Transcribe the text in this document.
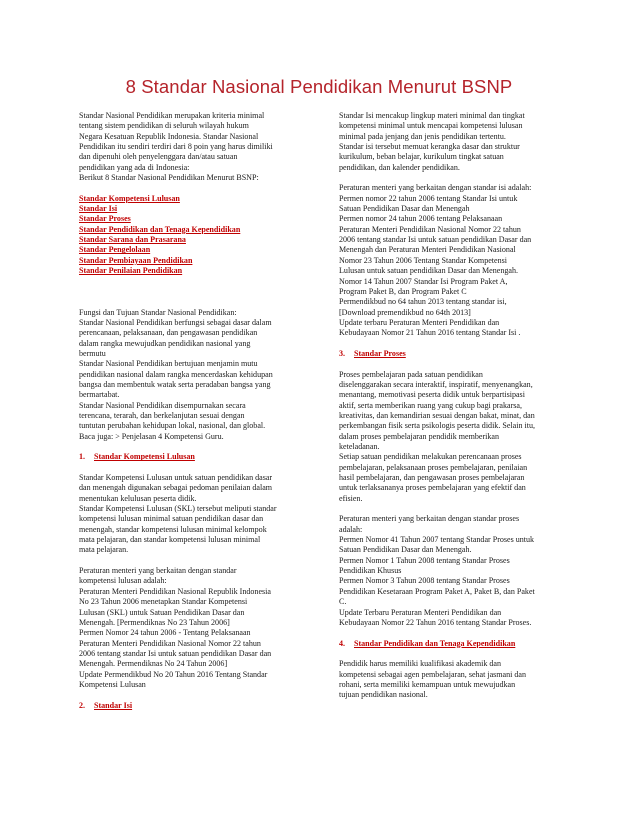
8 Standar Nasional Pendidikan Menurut BSNP
Standar Nasional Pendidikan merupakan kriteria minimal
tentang sistem pendidikan di seluruh wilayah hukum
Negara Kesatuan Republik Indonesia. Standar Nasional
Pendidikan itu sendiri terdiri dari 8 poin yang harus dimiliki
dan dipenuhi oleh penyelenggara dan/atau satuan
pendidikan yang ada di Indonesia:
Berikut 8 Standar Nasional Pendidikan Menurut BSNP:
Standar Kompetensi Lulusan
Standar Isi
Standar Proses
Standar Pendidikan dan Tenaga Kependidikan
Standar Sarana dan Prasarana
Standar Pengelolaan
Standar Pembiayaan Pendidikan
Standar Penilaian Pendidikan
Fungsi dan Tujuan Standar Nasional Pendidikan:
Standar Nasional Pendidikan berfungsi sebagai dasar dalam
perencanaan, pelaksanaan, dan pengawasan pendidikan
dalam rangka mewujudkan pendidikan nasional yang
bermutu
Standar Nasional Pendidikan bertujuan menjamin mutu
pendidikan nasional dalam rangka mencerdaskan kehidupan
bangsa dan membentuk watak serta peradaban bangsa yang
bermartabat.
Standar Nasional Pendidikan disempurnakan secara
terencana, terarah, dan berkelanjutan sesuai dengan
tuntutan perubahan kehidupan lokal, nasional, dan global.
Baca juga: > Penjelasan 4 Kompetensi Guru.
1. Standar Kompetensi Lulusan
Standar Kompetensi Lulusan untuk satuan pendidikan dasar
dan menengah digunakan sebagai pedoman penilaian dalam
menentukan kelulusan peserta didik.
Standar Kompetensi Lulusan (SKL) tersebut meliputi standar
kompetensi lulusan minimal satuan pendidikan dasar dan
menengah, standar kompetensi lulusan minimal kelompok
mata pelajaran, dan standar kompetensi lulusan minimal
mata pelajaran.
Peraturan menteri yang berkaitan dengan standar
kompetensi lulusan adalah:
Peraturan Menteri Pendidikan Nasional Republik Indonesia
No 23 Tahun 2006 menetapkan Standar Kompetensi
Lulusan (SKL) untuk Satuan Pendidikan Dasar dan
Menengah. [Permendiknas No 23 Tahun 2006]
Permen Nomor 24 tahun 2006 - Tentang Pelaksanaan
Peraturan Menteri Pendidikan Nasional Nomor 22 tahun
2006 tentang standar Isi untuk satuan pendidikan Dasar dan
Menengah. Permendiknas No 24 Tahun 2006]
Update Permendikbud No 20 Tahun 2016 Tentang Standar
Kompetensi Lulusan
2. Standar Isi
Standar Isi mencakup lingkup materi minimal dan tingkat
kompetensi minimal untuk mencapai kompetensi lulusan
minimal pada jenjang dan jenis pendidikan tertentu.
Standar isi tersebut memuat kerangka dasar dan struktur
kurikulum, beban belajar, kurikulum tingkat satuan
pendidikan, dan kalender pendidikan.
Peraturan menteri yang berkaitan dengan standar isi adalah:
Permen nomor 22 tahun 2006 tentang Standar Isi untuk
Satuan Pendidikan Dasar dan Menengah
Permen nomor 24 tahun 2006 tentang Pelaksanaan
Peraturan Menteri Pendidikan Nasional Nomor 22 tahun
2006 tentang standar Isi untuk satuan pendidikan Dasar dan
Menengah dan Peraturan Menteri Pendidikan Nasional
Nomor 23 Tahun 2006 Tentang Standar Kompetensi
Lulusan untuk satuan pendidikan Dasar dan Menengah.
Nomor 14 Tahun 2007 Standar Isi Program Paket A,
Program Paket B, dan Program Paket C
Permendikbud no 64 tahun 2013 tentang standar isi,
[Download premendikbud no 64th 2013]
Update terbaru Peraturan Menteri Pendidikan dan
Kebudayaan Nomor 21 Tahun 2016 tentang Standar Isi .
3. Standar Proses
Proses pembelajaran pada satuan pendidikan
diselenggarakan secara interaktif, inspiratif, menyenangkan,
menantang, memotivasi peserta didik untuk berpartisipasi
aktif, serta memberikan ruang yang cukup bagi prakarsa,
kreativitas, dan kemandirian sesuai dengan bakat, minat, dan
perkembangan fisik serta psikologis peserta didik. Selain itu,
dalam proses pembelajaran pendidik memberikan
keteladanan.
Setiap satuan pendidikan melakukan perencanaan proses
pembelajaran, pelaksanaan proses pembelajaran, penilaian
hasil pembelajaran, dan pengawasan proses pembelajaran
untuk terlaksananya proses pembelajaran yang efektif dan
efisien.
Peraturan menteri yang berkaitan dengan standar proses
adalah:
Permen Nomor 41 Tahun 2007 tentang Standar Proses untuk
Satuan Pendidikan Dasar dan Menengah.
Permen Nomor 1 Tahun 2008 tentang Standar Proses
Pendidikan Khusus
Permen Nomor 3 Tahun 2008 tentang Standar Proses
Pendidikan Kesetaraan Program Paket A, Paket B, dan Paket
C.
Update Terbaru Peraturan Menteri Pendidikan dan
Kebudayaan Nomor 22 Tahun 2016 tentang Standar Proses.
4. Standar Pendidikan dan Tenaga Kependidikan
Pendidik harus memiliki kualifikasi akademik dan
kompetensi sebagai agen pembelajaran, sehat jasmani dan
rohani, serta memiliki kemampuan untuk mewujudkan
tujuan pendidikan nasional.
